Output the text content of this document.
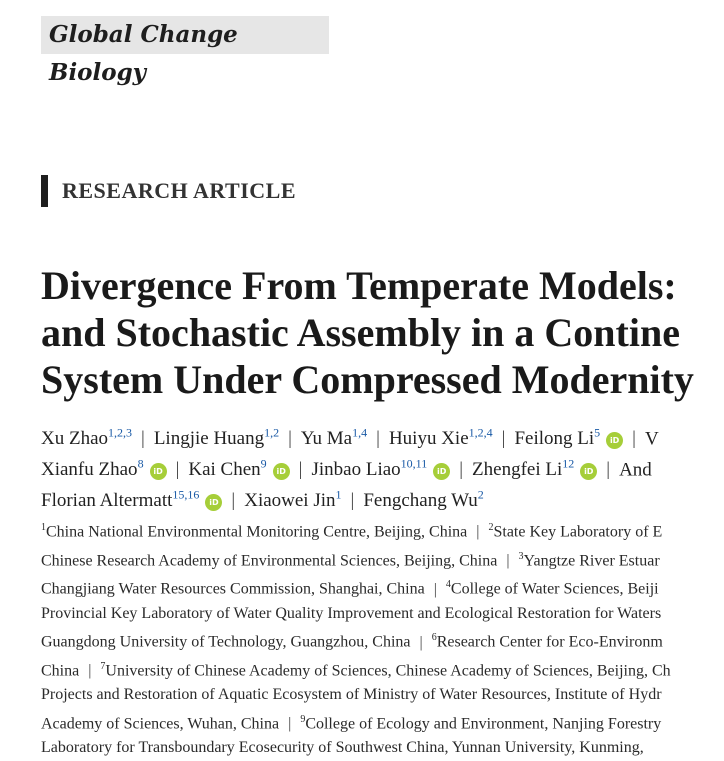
Global Change Biology
RESEARCH ARTICLE
Divergence From Temperate Models:
and Stochastic Assembly in a Contine
System Under Compressed Modernity
Xu Zhao$^{1,2,3}$ | Lingjie Huang$^{1,2}$ | Yu Ma$^{1,4}$ | Huiyu Xie$^{1,2,4}$ | Feilong Li$^5$iD | V
Xianfu Zhao$^8$iD | Kai Chen$^9$iD | Jinbao Liao$^{10,11}$iD | Zhengfei Li$^{12}$iD | And
Florian Altermatt$^{15,16}$iD | Xiaowei Jin$^1$ | Fengchang Wu$^2$
$^1$China National Environmental Monitoring Centre, Beijing, China | $^2$State Key Laboratory of E
Chinese Research Academy of Environmental Sciences, Beijing, China | $^3$Yangtze River Estuar
Changjiang Water Resources Commission, Shanghai, China | $^4$College of Water Sciences, Beiji
Provincial Key Laboratory of Water Quality Improvement and Ecological Restoration for Waters
Guangdong University of Technology, Guangzhou, China | $^6$Research Center for Eco-Environm
China | $^7$University of Chinese Academy of Sciences, Chinese Academy of Sciences, Beijing, Ch
Projects and Restoration of Aquatic Ecosystem of Ministry of Water Resources, Institute of Hydr
Academy of Sciences, Wuhan, China | $^9$College of Ecology and Environment, Nanjing Forestry
Laboratory for Transboundary Ecosecurity of Southwest China, Yunnan University, Kunming,
